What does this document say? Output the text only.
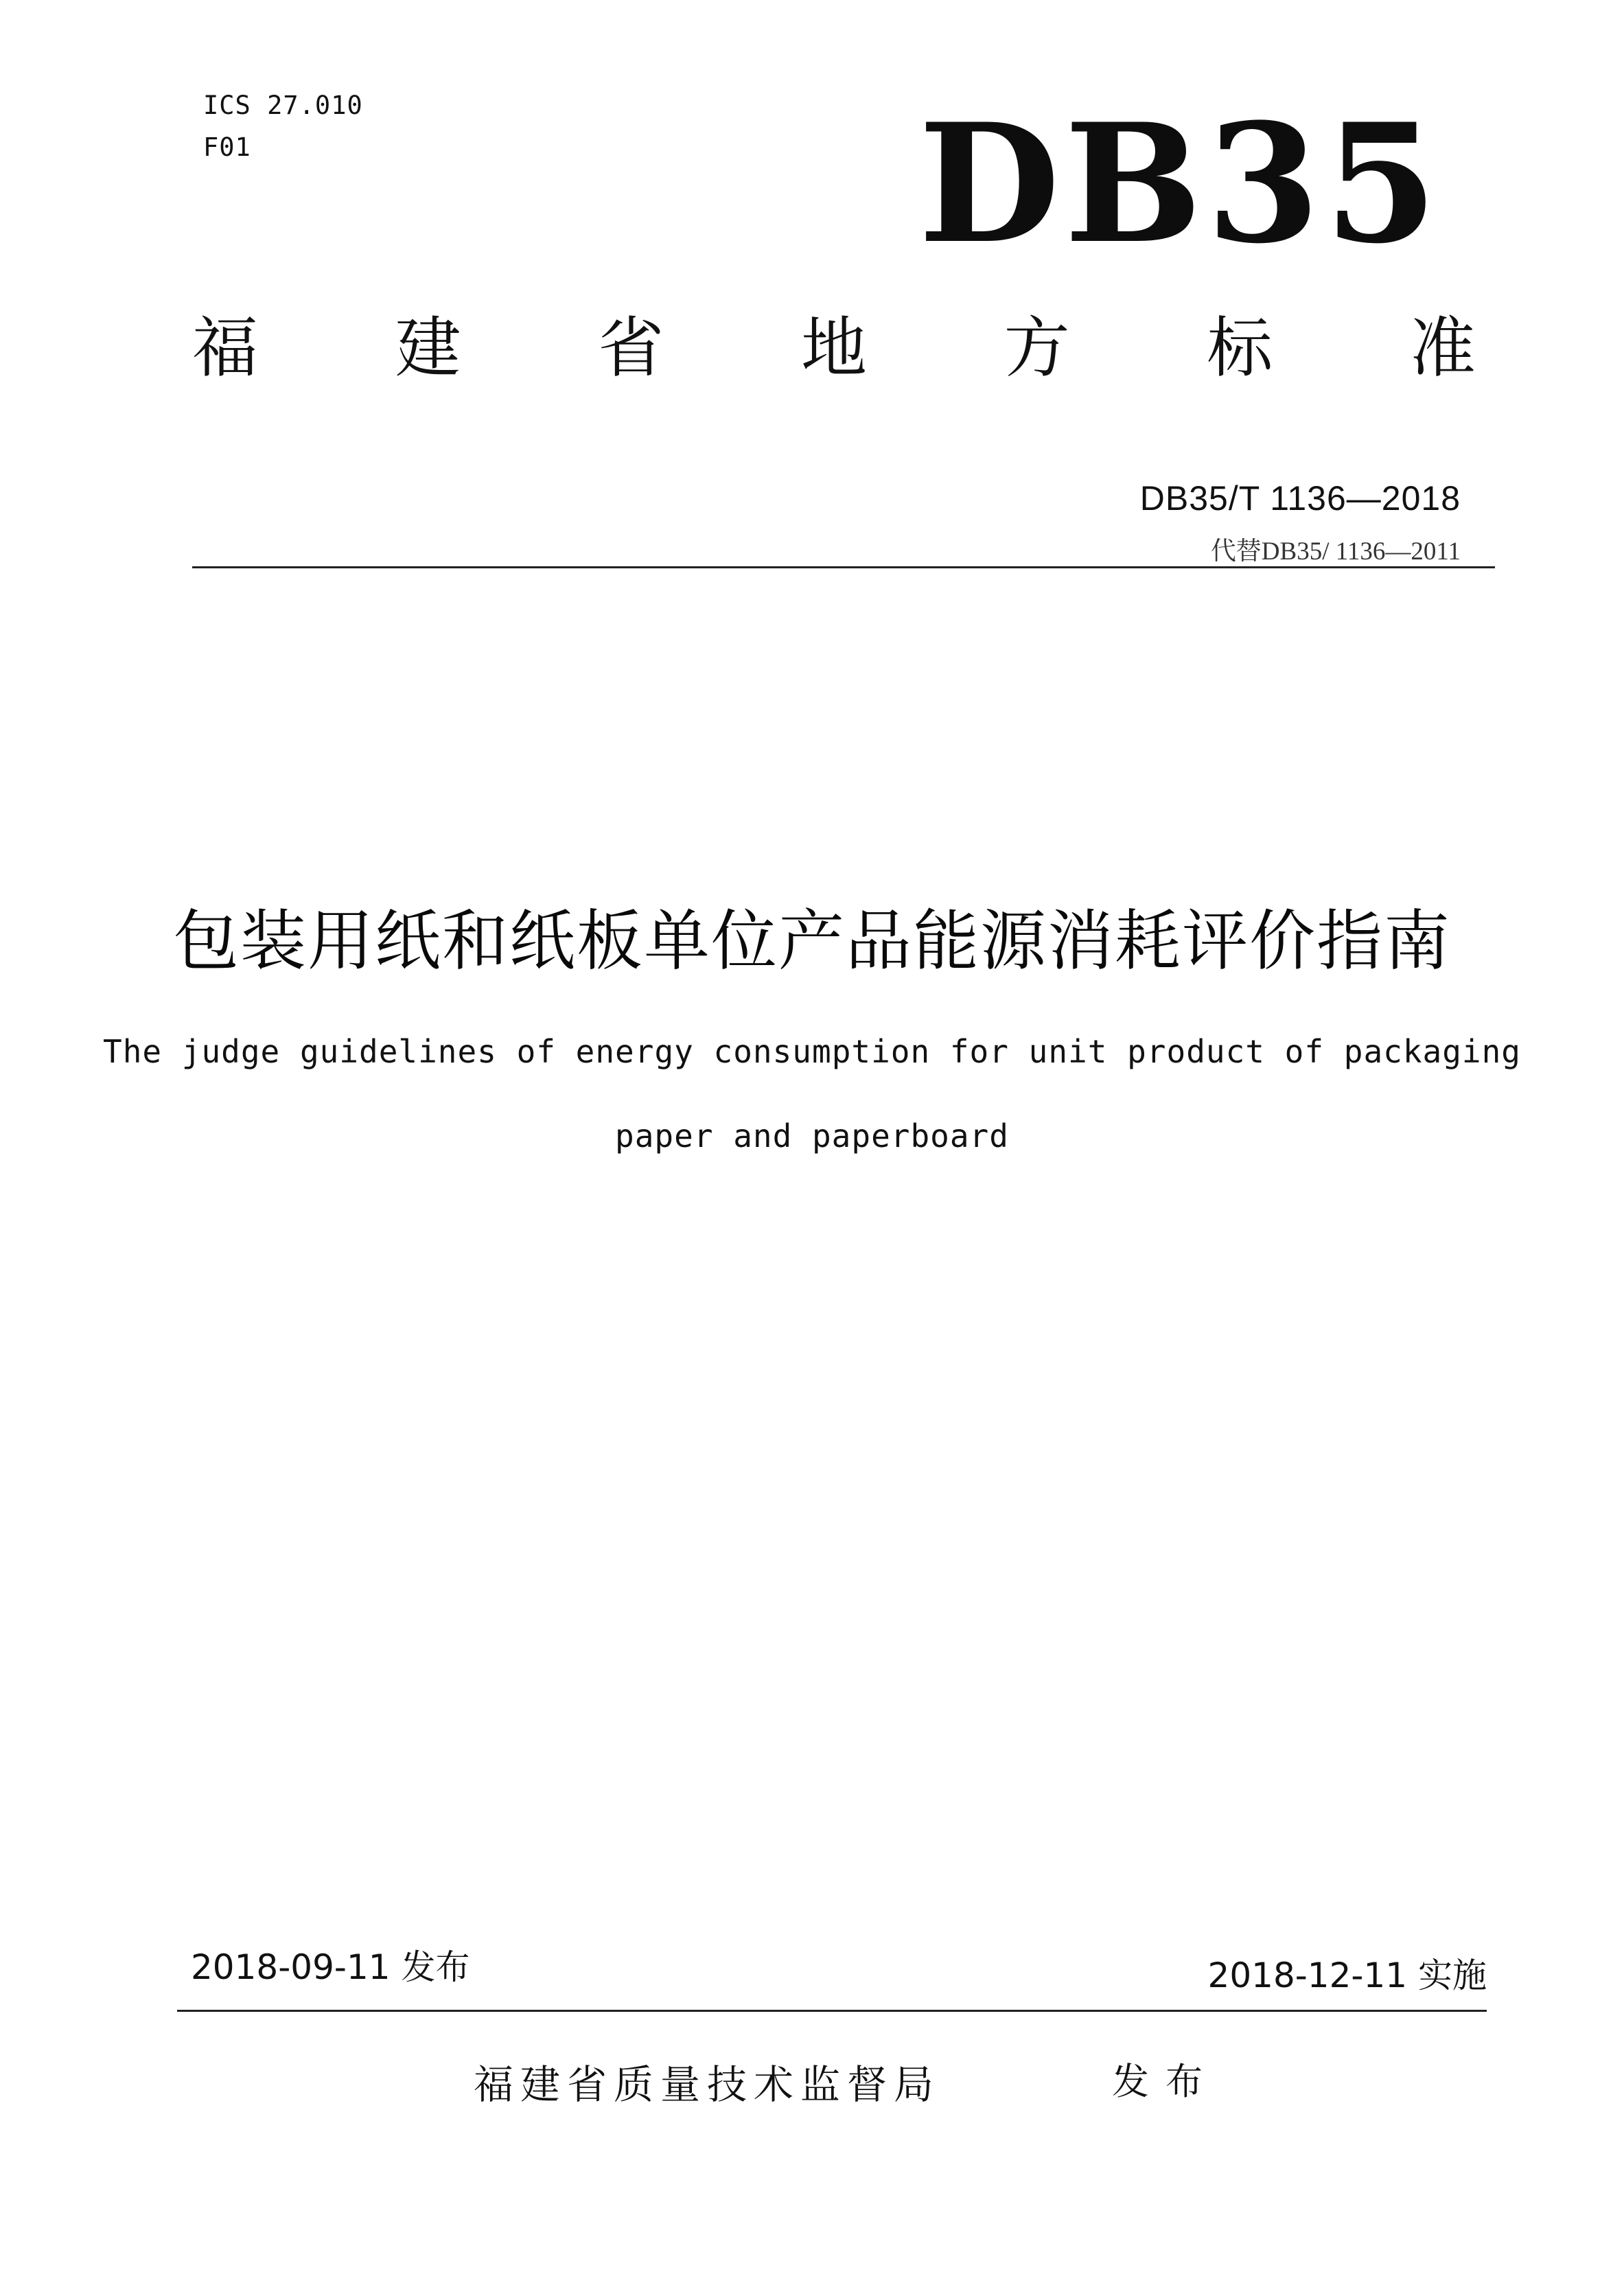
ICS 27.010
F01	DB35
福 建 省 地 方 标 准
DB35/T 1136—2018
代替DB35/ 1136—2011
包装用纸和纸板单位产品能源消耗评价指南
The judge guidelines of energy consumption for unit product of packaging
paper and paperboard
2018-09-11 发布	2018-12-11 实施
福建省质量技术监督局	发布
